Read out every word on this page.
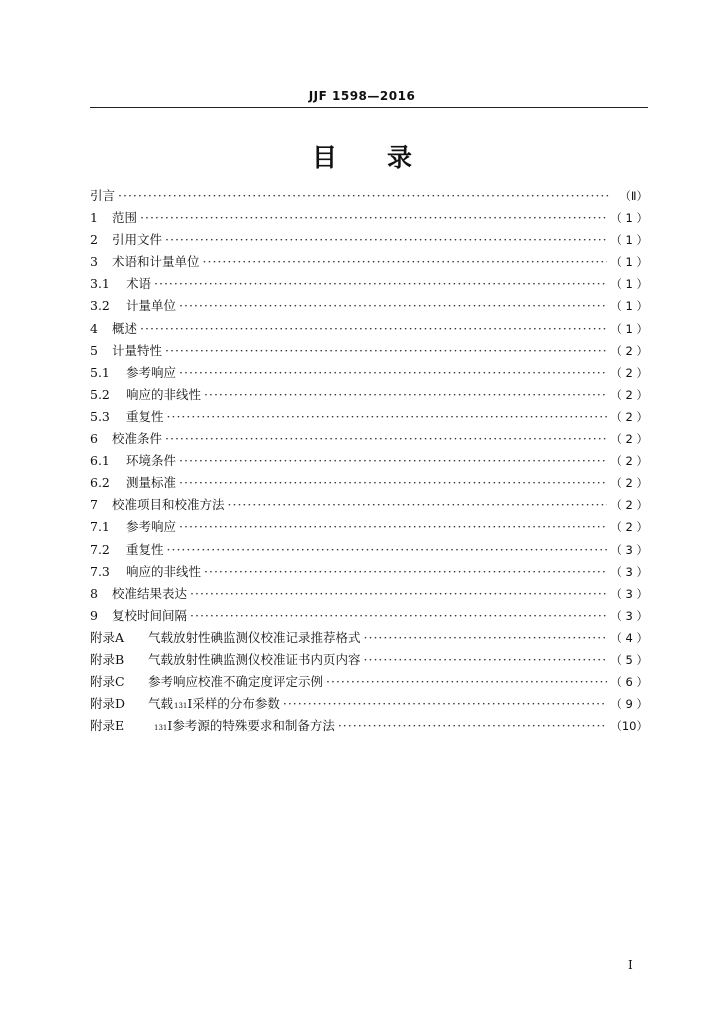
JJF 1598—2016
目 录
引言 ·····	（Ⅱ）
1	范围 ·····	（ 1 ）
2	引用文件 ·····	（ 1 ）
3	术语和计量单位 ·····	（ 1 ）
3.1	术语 ·····	（ 1 ）
3.2	计量单位 ·····	（ 1 ）
4	概述 ·····	（ 1 ）
5	计量特性 ·····	（ 2 ）
5.1	参考响应 ·····	（ 2 ）
5.2	响应的非线性 ·····	（ 2 ）
5.3	重复性 ·····	（ 2 ）
6	校准条件 ·····	（ 2 ）
6.1	环境条件 ·····	（ 2 ）
6.2	测量标准 ·····	（ 2 ）
7	校准项目和校准方法 ·····	（ 2 ）
7.1	参考响应 ·····	（ 2 ）
7.2	重复性 ·····	（ 3 ）
7.3	响应的非线性 ·····	（ 3 ）
8	校准结果表达 ·····	（ 3 ）
9	复校时间间隔 ·····	（ 3 ）
附录A	气载放射性碘监测仪校准记录推荐格式 ·····	（ 4 ）
附录B	气载放射性碘监测仪校准证书内页内容 ·····	（ 5 ）
附录C	参考响应校准不确定度评定示例 ·····	（ 6 ）
附录D	气载 131 I采样的分布参数 ·····	（ 9 ）
附录E	131 I参考源的特殊要求和制备方法 ·····	（10）
Ⅰ
